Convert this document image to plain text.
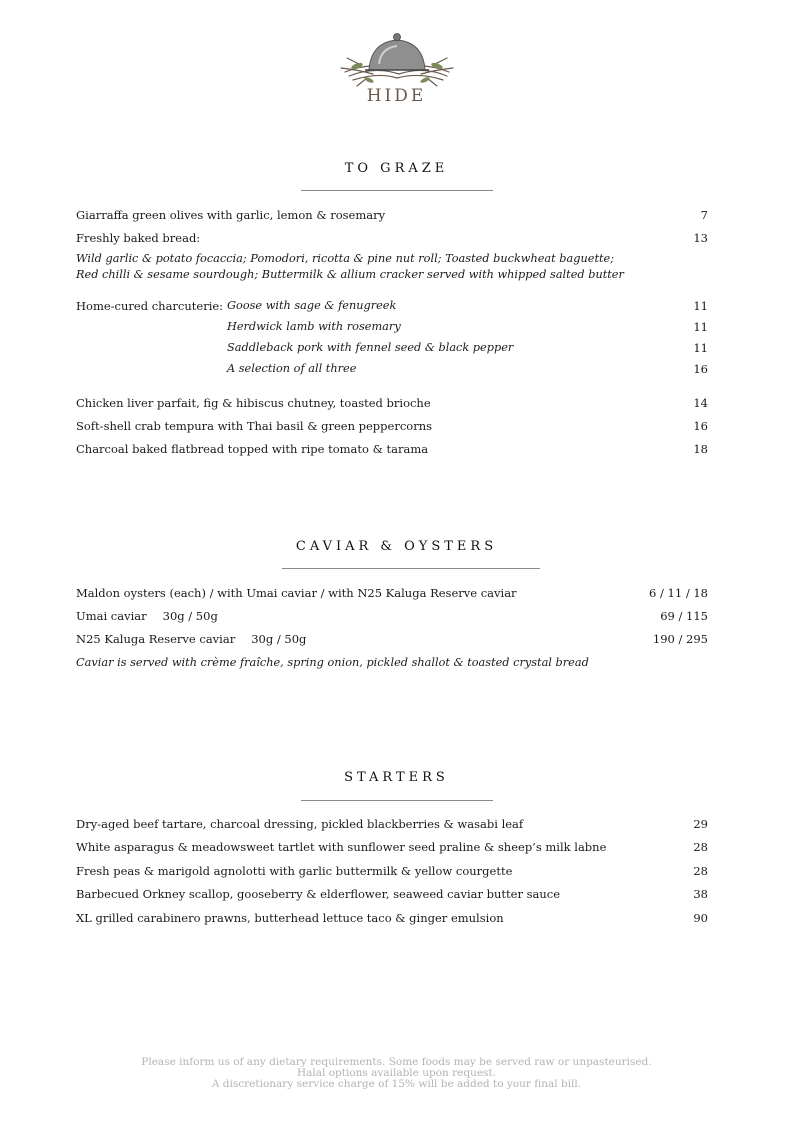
HIDE
TO GRAZE
Giarraffa green olives with garlic, lemon & rosemary	7
Freshly baked bread:	13
Wild garlic & potato focaccia; Pomodori, ricotta & pine nut roll; Toasted buckwheat baguette;
Red chilli & sesame sourdough; Buttermilk & allium cracker served with whipped salted butter
Home-cured charcuterie: Goose with sage & fenugreek	11
Herdwick lamb with rosemary	11
Saddleback pork with fennel seed & black pepper	11
A selection of all three	16
Chicken liver parfait, fig & hibiscus chutney, toasted brioche	14
Soft-shell crab tempura with Thai basil & green peppercorns	16
Charcoal baked flatbread topped with ripe tomato & tarama	18
CAVIAR & OYSTERS
Maldon oysters (each) / with Umai caviar / with N25 Kaluga Reserve caviar	6 / 11 / 18
Umai caviar 30g / 50g	69 / 115
N25 Kaluga Reserve caviar 30g / 50g	190 / 295
Caviar is served with crème fraîche, spring onion, pickled shallot & toasted crystal bread
STARTERS
Dry-aged beef tartare, charcoal dressing, pickled blackberries & wasabi leaf	29
White asparagus & meadowsweet tartlet with sunflower seed praline & sheep’s milk labne	28
Fresh peas & marigold agnolotti with garlic buttermilk & yellow courgette	28
Barbecued Orkney scallop, gooseberry & elderflower, seaweed caviar butter sauce	38
XL grilled carabinero prawns, butterhead lettuce taco & ginger emulsion	90
Please inform us of any dietary requirements. Some foods may be served raw or unpasteurised.
Halal options available upon request.
A discretionary service charge of 15% will be added to your final bill.
